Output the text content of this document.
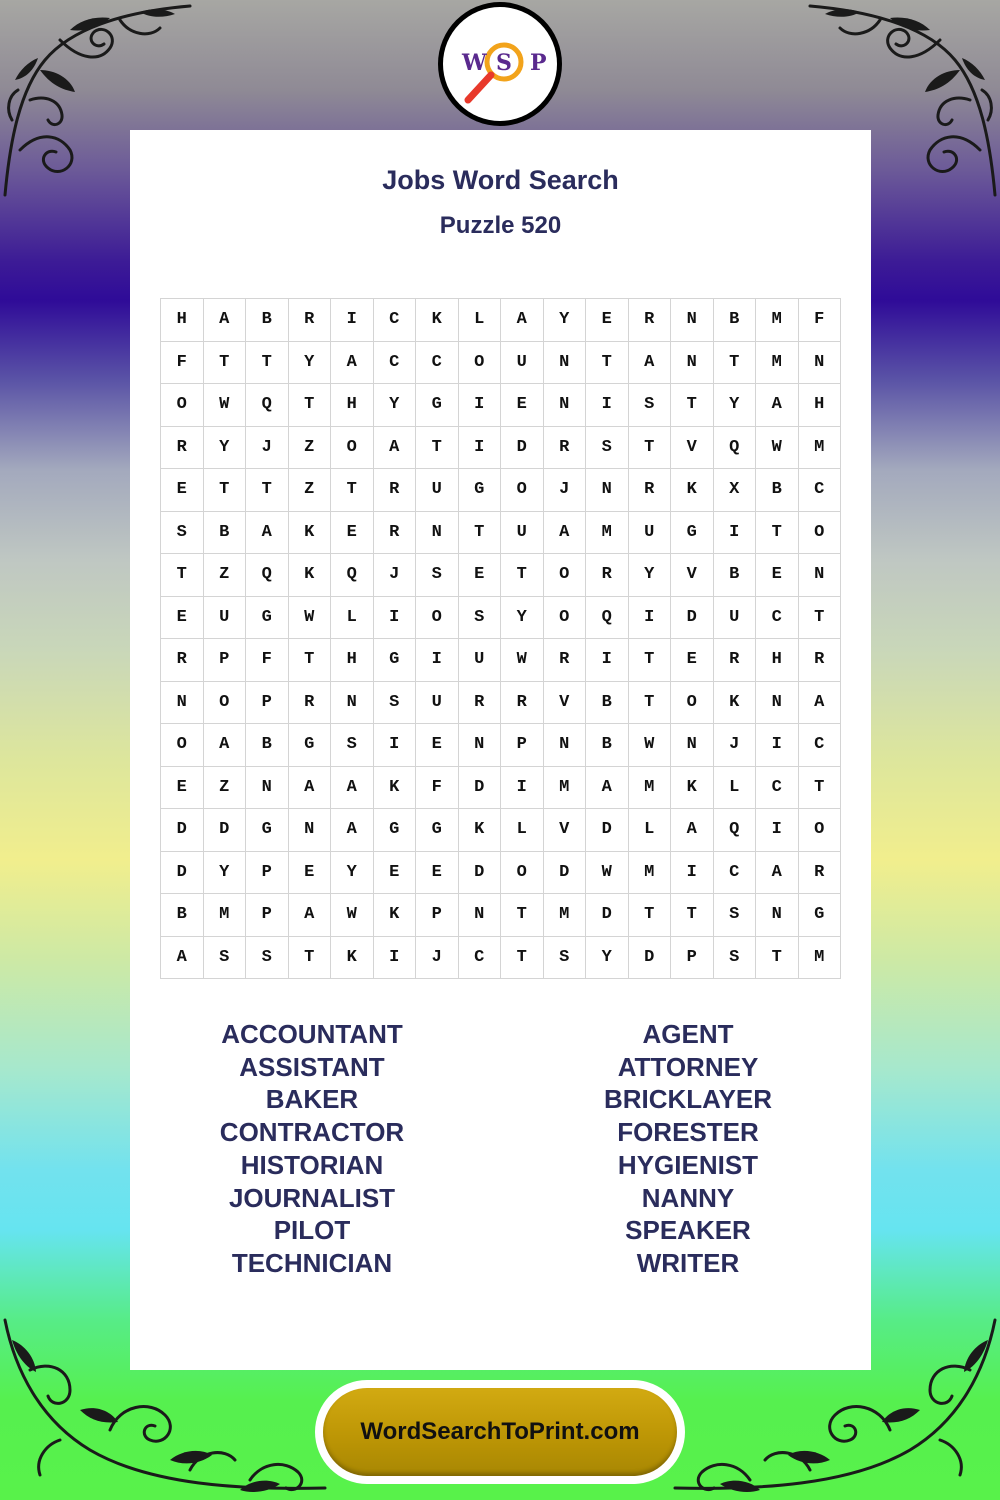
W S P
Jobs Word Search
Puzzle 520
H	A	B	R	I	C	K	L	A	Y	E	R	N	B	M	F
F	T	T	Y	A	C	C	O	U	N	T	A	N	T	M	N
O	W	Q	T	H	Y	G	I	E	N	I	S	T	Y	A	H
R	Y	J	Z	O	A	T	I	D	R	S	T	V	Q	W	M
E	T	T	Z	T	R	U	G	O	J	N	R	K	X	B	C
S	B	A	K	E	R	N	T	U	A	M	U	G	I	T	O
T	Z	Q	K	Q	J	S	E	T	O	R	Y	V	B	E	N
E	U	G	W	L	I	O	S	Y	O	Q	I	D	U	C	T
R	P	F	T	H	G	I	U	W	R	I	T	E	R	H	R
N	O	P	R	N	S	U	R	R	V	B	T	O	K	N	A
O	A	B	G	S	I	E	N	P	N	B	W	N	J	I	C
E	Z	N	A	A	K	F	D	I	M	A	M	K	L	C	T
D	D	G	N	A	G	G	K	L	V	D	L	A	Q	I	O
D	Y	P	E	Y	E	E	D	O	D	W	M	I	C	A	R
B	M	P	A	W	K	P	N	T	M	D	T	T	S	N	G
A	S	S	T	K	I	J	C	T	S	Y	D	P	S	T	M
ACCOUNTANT
ASSISTANT
BAKER
CONTRACTOR
HISTORIAN
JOURNALIST
PILOT
TECHNICIAN
AGENT
ATTORNEY
BRICKLAYER
FORESTER
HYGIENIST
NANNY
SPEAKER
WRITER
WordSearchToPrint.com
